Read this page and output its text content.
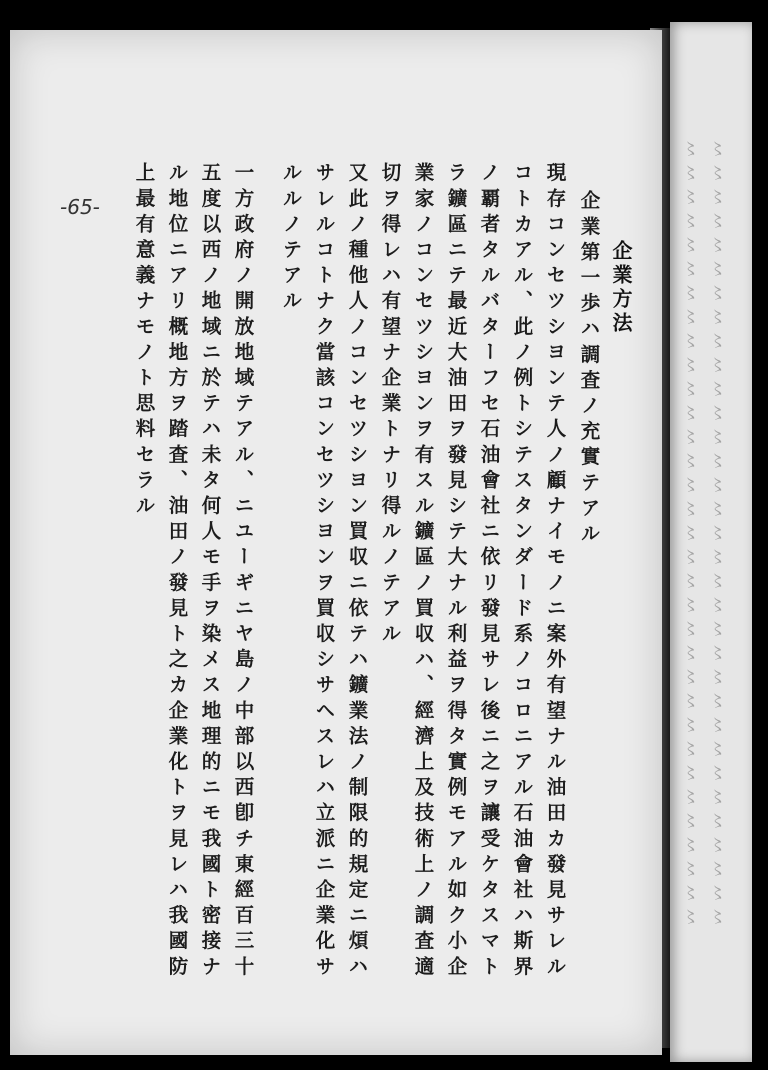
〻〻〻〻〻〻〻〻〻〻〻〻〻〻〻〻〻〻〻〻〻〻〻〻〻〻〻〻〻〻〻〻〻
〻〻〻〻〻〻〻〻〻〻〻〻〻〻〻〻〻〻〻〻〻〻〻〻〻〻〻〻〻〻〻〻〻
-65-
企業方法
企業第一歩ハ調査ノ充實テアル
現存コンセツシヨンテ人ノ顧ナイモノニ案外有望ナル油田カ發見サレル
コトカアル、此ノ例トシテスタンダード系ノコロニアル石油會社ハ斯界
ノ覇者タルバターフセ石油會社ニ依リ發見サレ後ニ之ヲ讓受ケタスマト
ラ鑛區ニテ最近大油田ヲ發見シテ大ナル利益ヲ得タ實例モアル如ク小企
業家ノコンセツシヨンヲ有スル鑛區ノ買収ハ、經濟上及技術上ノ調査適
切ヲ得レハ有望ナ企業トナリ得ルノテアル
又此ノ種他人ノコンセツシヨン買収ニ依テハ鑛業法ノ制限的規定ニ煩ハ
サレルコトナク當該コンセツシヨンヲ買収シサヘスレハ立派ニ企業化サ
ルルノテアル
一方政府ノ開放地域テアル、ニユーギニヤ島ノ中部以西卽チ東經百三十
五度以西ノ地域ニ於テハ未タ何人モ手ヲ染メス地理的ニモ我國ト密接ナ
ル地位ニアリ概地方ヲ踏査、油田ノ發見ト之カ企業化トヲ見レハ我國防
上最有意義ナモノト思料セラル
